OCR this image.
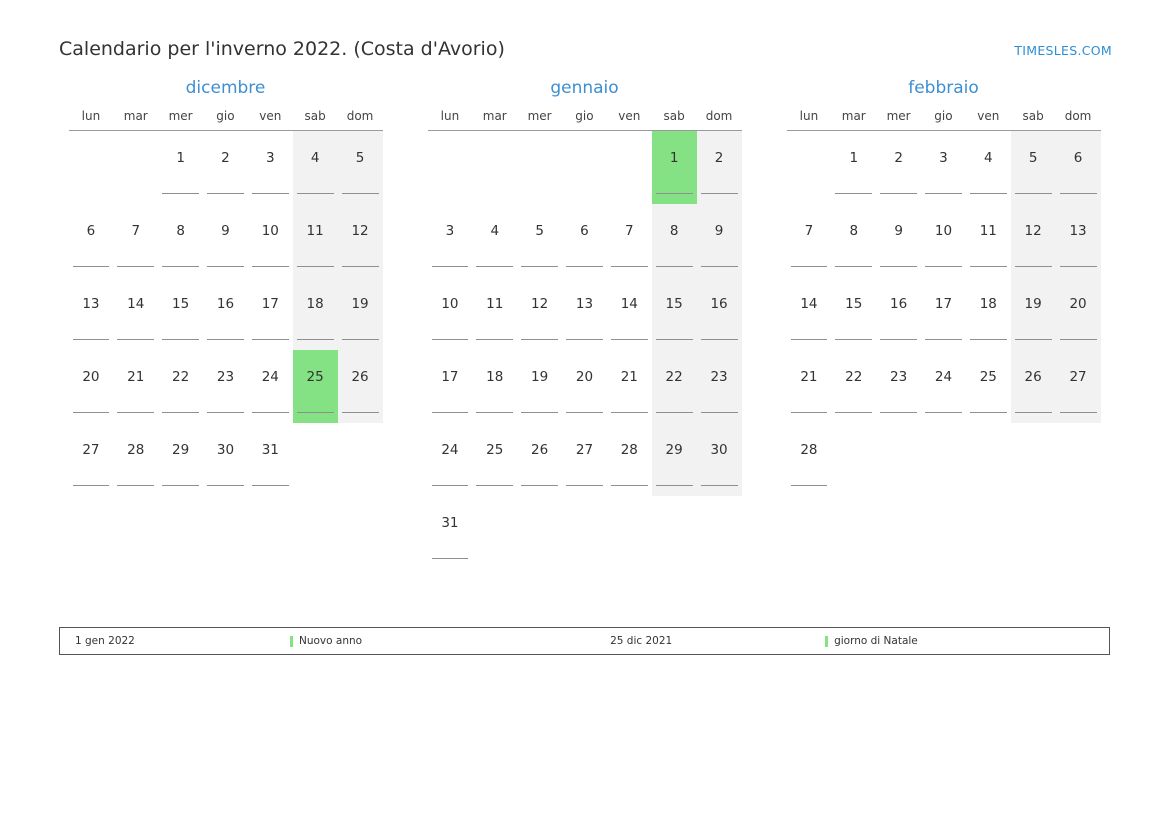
Calendario per l'inverno 2022. (Costa d'Avorio)	TIMESLES.COM
dicembre
lun	mar	mer	gio	ven	sab	dom

		1	2	3	4	5

6	7	8	9	10	11	12

13	14	15	16	17	18	19

20	21	22	23	24	25	26

27	28	29	30	31		

gennaio
lun	mar	mer	gio	ven	sab	dom

					1	2

3	4	5	6	7	8	9

10	11	12	13	14	15	16

17	18	19	20	21	22	23

24	25	26	27	28	29	30

31						

febbraio
lun	mar	mer	gio	ven	sab	dom

	1	2	3	4	5	6

7	8	9	10	11	12	13

14	15	16	17	18	19	20

21	22	23	24	25	26	27

28						

1 gen 2022	Nuovo anno	25 dic 2021	giorno di Natale
